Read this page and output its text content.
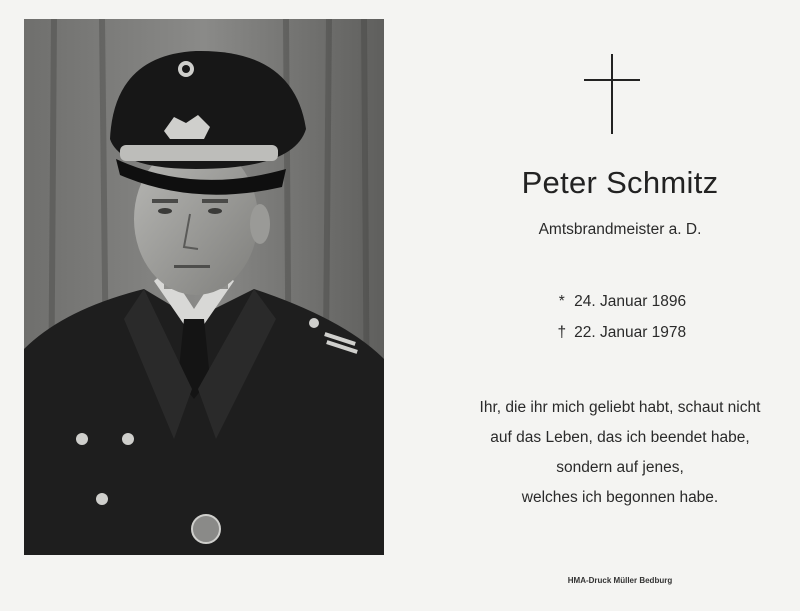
Peter Schmitz
Amtsbrandmeister a. D.
* 24. Januar 1896
† 22. Januar 1978
Ihr, die ihr mich geliebt habt, schaut nicht
auf das Leben, das ich beendet habe,
sondern auf jenes,
welches ich begonnen habe.
HMA-Druck Müller Bedburg
